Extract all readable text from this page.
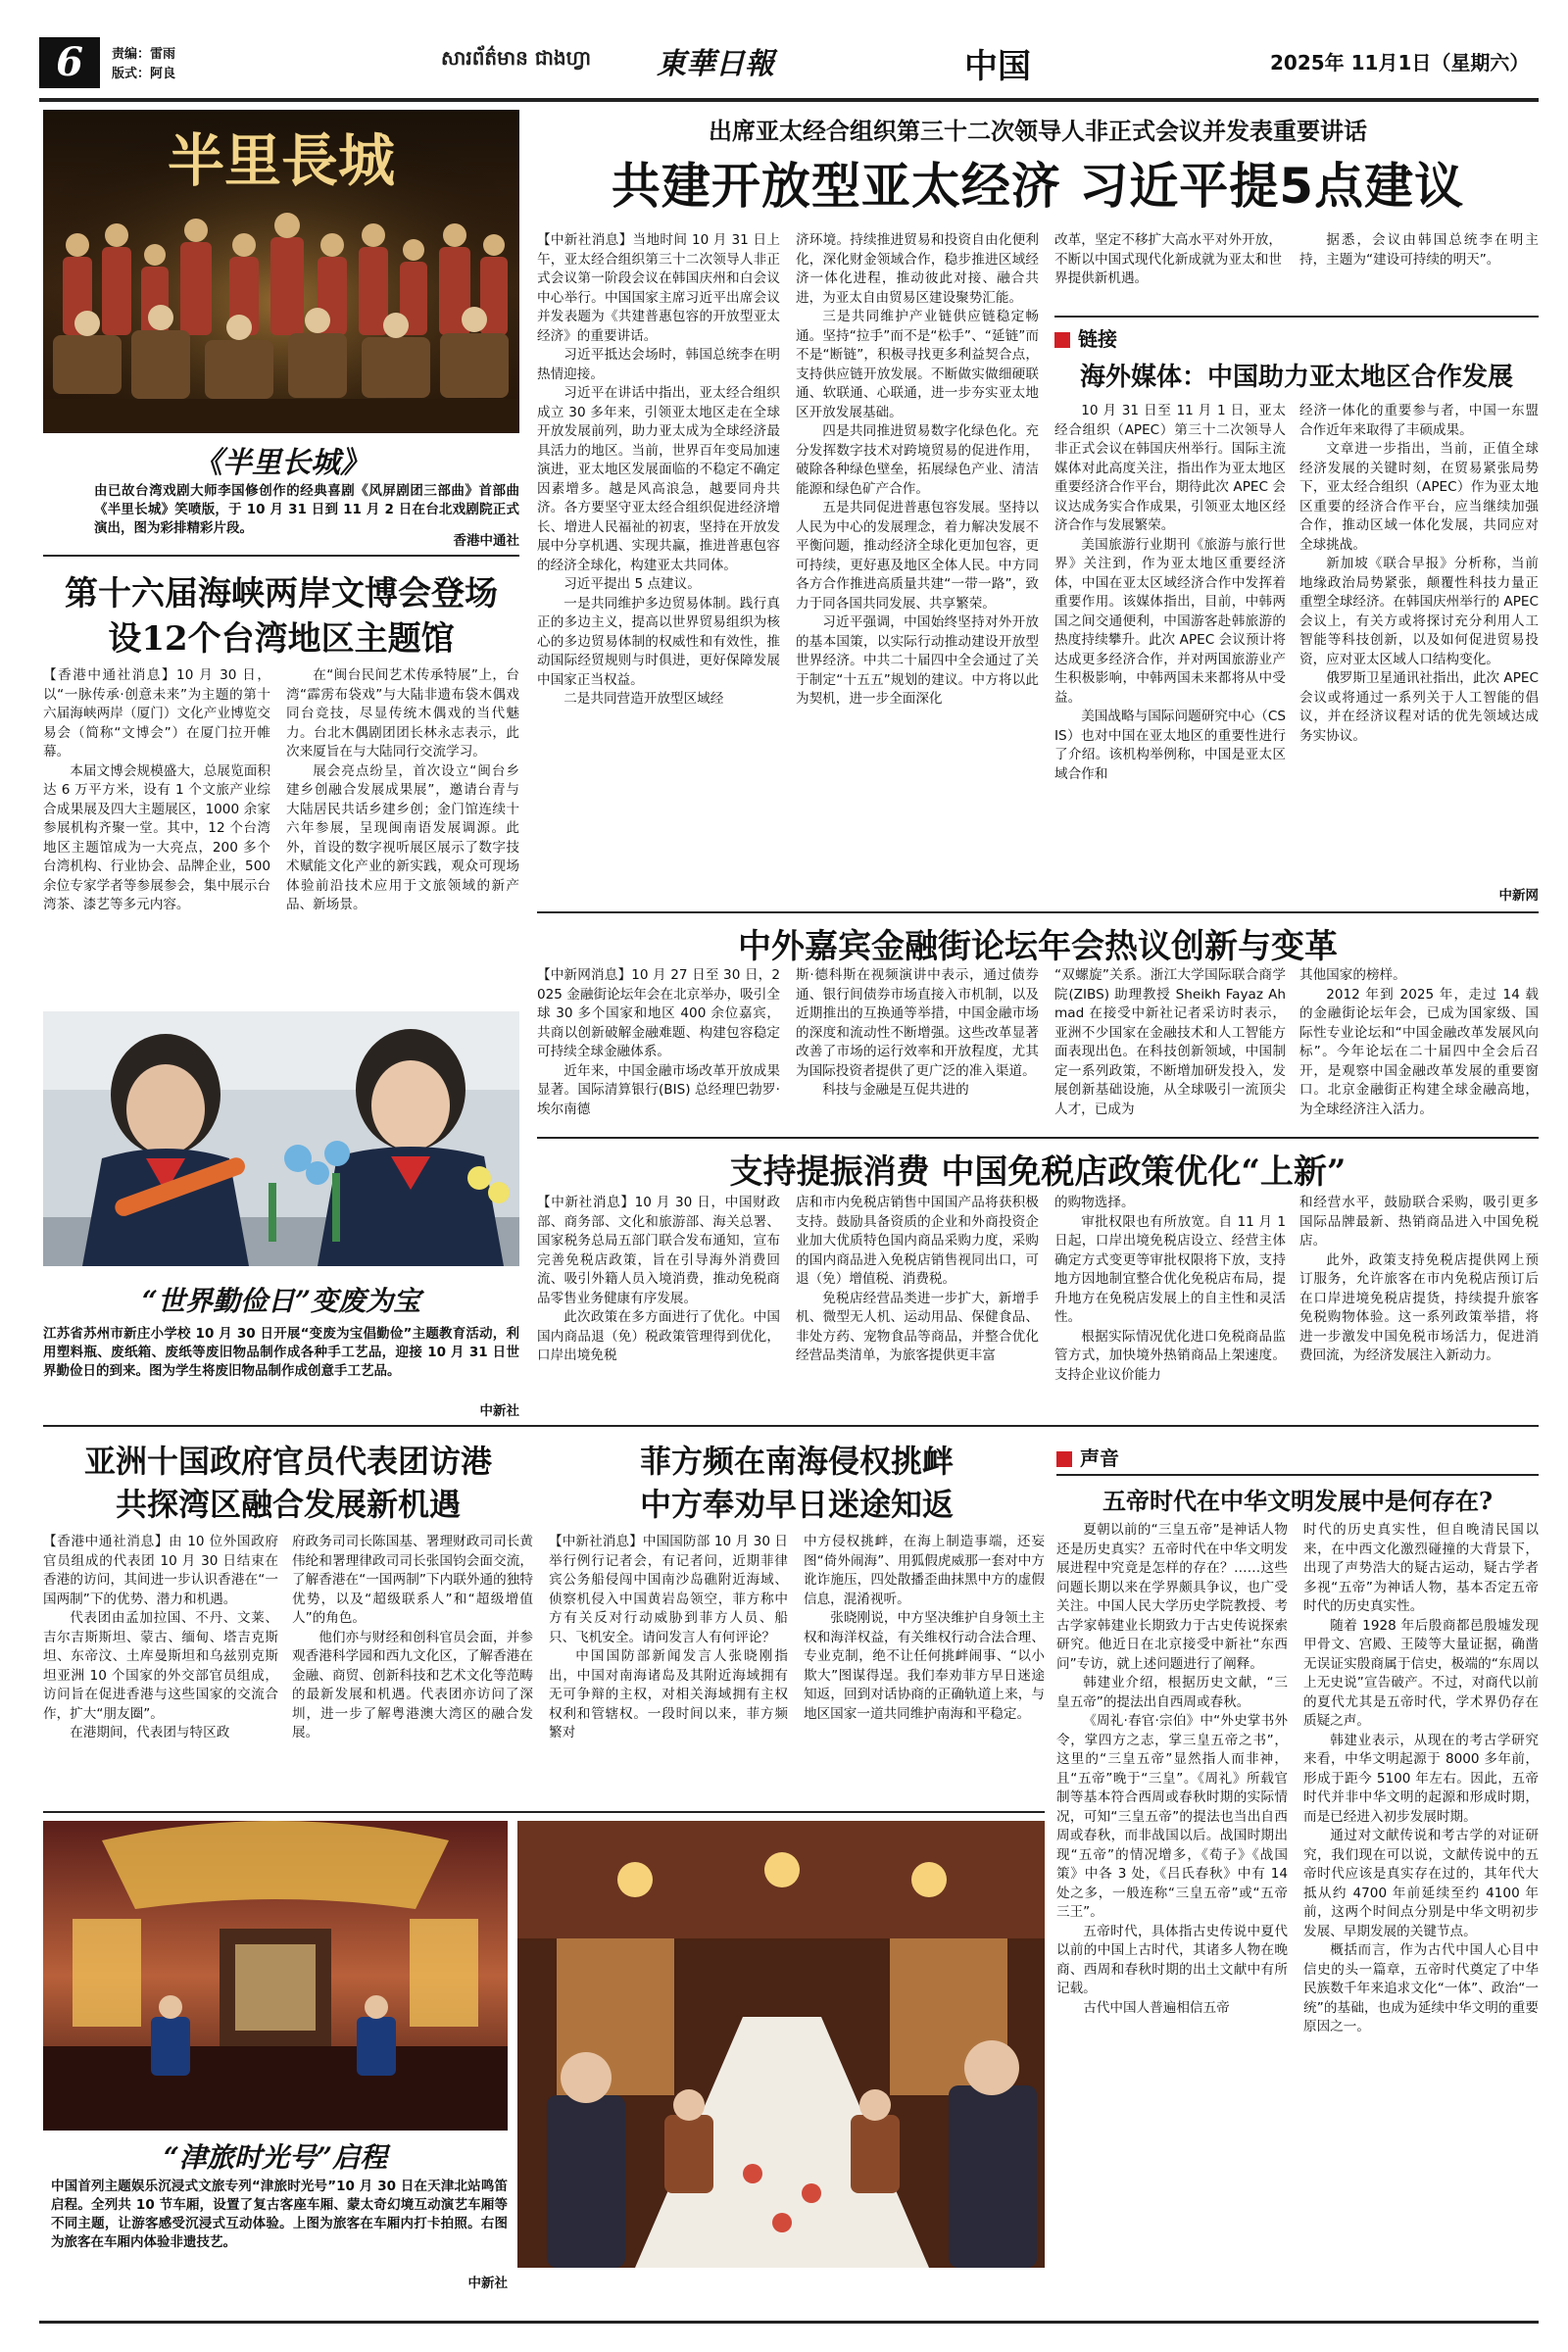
6	责编：雷雨
版式：阿良
សារព័ត៌មាន ជាងហ្វា 東華日報	中国	2025年 11月1日（星期六）
半里長城
《半里长城》
由已故台湾戏剧大师李国修创作的经典喜剧《风屏剧团三部曲》首部曲《半里长城》笑喷版，于 10 月 31 日到 11 月 2 日在台北戏剧院正式演出，图为彩排精彩片段。
香港中通社
第十六届海峡两岸文博会登场
设12个台湾地区主题馆

【香港中通社消息】10 月 30 日，以“一脉传承·创意未来”为主题的第十六届海峡两岸（厦门）文化产业博览交易会（简称“文博会”）在厦门拉开帷幕。

本届文博会规模盛大，总展览面积达 6 万平方米，设有 1 个文旅产业综合成果展及四大主题展区，1000 余家参展机构齐聚一堂。其中，12 个台湾地区主题馆成为一大亮点，200 多个台湾机构、行业协会、品牌企业，500 余位专家学者等参展参会，集中展示台湾茶、漆艺等多元内容。

在“闽台民间艺术传承特展”上，台湾“霹雳布袋戏”与大陆非遗布袋木偶戏同台竞技，尽显传统木偶戏的当代魅力。台北木偶剧团团长林永志表示，此次来厦旨在与大陆同行交流学习。

展会亮点纷呈，首次设立“闽台乡建乡创融合发展成果展”，邀请台青与大陆居民共话乡建乡创；金门馆连续十六年参展，呈现闽南语发展调源。此外，首设的数字视听展区展示了数字技术赋能文化产业的新实践，观众可现场体验前沿技术应用于文旅领域的新产品、新场景。

“世界勤俭日”变废为宝
江苏省苏州市新庄小学校 10 月 30 日开展“变废为宝倡勤俭”主题教育活动，利用塑料瓶、废纸箱、废纸等废旧物品制作成各种手工艺品，迎接 10 月 31 日世界勤俭日的到来。图为学生将废旧物品制作成创意手工艺品。
中新社
出席亚太经合组织第三十二次领导人非正式会议并发表重要讲话
共建开放型亚太经济 习近平提5点建议

【中新社消息】当地时间 10 月 31 日上午，亚太经合组织第三十二次领导人非正式会议第一阶段会议在韩国庆州和白会议中心举行。中国国家主席习近平出席会议并发表题为《共建普惠包容的开放型亚太经济》的重要讲话。

习近平抵达会场时，韩国总统李在明热情迎接。

习近平在讲话中指出，亚太经合组织成立 30 多年来，引领亚太地区走在全球开放发展前列，助力亚太成为全球经济最具活力的地区。当前，世界百年变局加速演进，亚太地区发展面临的不稳定不确定因素增多。越是风高浪急，越要同舟共济。各方要坚守亚太经合组织促进经济增长、增进人民福祉的初衷，坚持在开放发展中分享机遇、实现共赢，推进普惠包容的经济全球化，构建亚太共同体。

习近平提出 5 点建议。

一是共同维护多边贸易体制。践行真正的多边主义，提高以世界贸易组织为核心的多边贸易体制的权威性和有效性，推动国际经贸规则与时俱进，更好保障发展中国家正当权益。

二是共同营造开放型区域经

济环境。持续推进贸易和投资自由化便利化，深化财金领域合作，稳步推进区域经济一体化进程，推动彼此对接、融合共进，为亚太自由贸易区建设聚势汇能。

三是共同维护产业链供应链稳定畅通。坚持“拉手”而不是“松手”、“延链”而不是“断链”，积极寻找更多利益契合点，支持供应链开放发展。不断做实做细硬联通、软联通、心联通，进一步夯实亚太地区开放发展基础。

四是共同推进贸易数字化绿色化。充分发挥数字技术对跨境贸易的促进作用，破除各种绿色壁垒，拓展绿色产业、清洁能源和绿色矿产合作。

五是共同促进普惠包容发展。坚持以人民为中心的发展理念，着力解决发展不平衡问题，推动经济全球化更加包容，更可持续，更好惠及地区全体人民。中方同各方合作推进高质量共建“一带一路”，致力于同各国共同发展、共享繁荣。

习近平强调，中国始终坚持对外开放的基本国策，以实际行动推动建设开放型世界经济。中共二十届四中全会通过了关于制定“十五五”规划的建议。中方将以此为契机，进一步全面深化

改革，坚定不移扩大高水平对外开放，不断以中国式现代化新成就为亚太和世界提供新机遇。

据悉，会议由韩国总统李在明主持，主题为“建设可持续的明天”。

链接
海外媒体：中国助力亚太地区合作发展

10 月 31 日至 11 月 1 日，亚太经合组织（APEC）第三十二次领导人非正式会议在韩国庆州举行。国际主流媒体对此高度关注，指出作为亚太地区重要经济合作平台，期待此次 APEC 会议达成务实合作成果，引领亚太地区经济合作与发展繁荣。

美国旅游行业期刊《旅游与旅行世界》关注到，作为亚太地区重要经济体，中国在亚太区域经济合作中发挥着重要作用。该媒体指出，目前，中韩两国之间交通便利，中国游客赴韩旅游的热度持续攀升。此次 APEC 会议预计将达成更多经济合作，并对两国旅游业产生积极影响，中韩两国未来都将从中受益。

美国战略与国际问题研究中心（CSIS）也对中国在亚太地区的重要性进行了介绍。该机构举例称，中国是亚太区域合作和

经济一体化的重要参与者，中国一东盟合作近年来取得了丰硕成果。

文章进一步指出，当前，正值全球经济发展的关键时刻，在贸易紧张局势下，亚太经合组织（APEC）作为亚太地区重要的经济合作平台，应当继续加强合作，推动区域一体化发展，共同应对全球挑战。

新加坡《联合早报》分析称，当前地缘政治局势紧张，颠覆性科技力量正重塑全球经济。在韩国庆州举行的 APEC 会议上，有关方或将探讨充分利用人工智能等科技创新，以及如何促进贸易投资，应对亚太区域人口结构变化。

俄罗斯卫星通讯社指出，此次 APEC 会议或将通过一系列关于人工智能的倡议，并在经济议程对话的优先领域达成务实协议。

中新网
中外嘉宾金融街论坛年会热议创新与变革

【中新网消息】10 月 27 日至 30 日，2025 金融街论坛年会在北京举办，吸引全球 30 多个国家和地区 400 余位嘉宾，共商以创新破解金融难题、构建包容稳定可持续全球金融体系。

近年来，中国金融市场改革开放成果显著。国际清算银行(BIS) 总经理巴勃罗·埃尔南德

斯·德科斯在视频演讲中表示，通过债券通、银行间债券市场直接入市机制，以及近期推出的互换通等举措，中国金融市场的深度和流动性不断增强。这些改革显著改善了市场的运行效率和开放程度，尤其为国际投资者提供了更广泛的准入渠道。

科技与金融是互促共进的

“双螺旋”关系。浙江大学国际联合商学院(ZIBS) 助理教授 Sheikh Fayaz Ahmad 在接受中新社记者采访时表示，亚洲不少国家在金融技术和人工智能方面表现出色。在科技创新领域，中国制定一系列政策，不断增加研发投入，发展创新基础设施，从全球吸引一流顶尖人才，已成为

其他国家的榜样。

2012 年到 2025 年，走过 14 载的金融街论坛年会，已成为国家级、国际性专业论坛和“中国金融改革发展风向标”。今年论坛在二十届四中全会后召开，是观察中国金融改革发展的重要窗口。北京金融街正构建全球金融高地，为全球经济注入活力。

支持提振消费 中国免税店政策优化“上新”

【中新社消息】10 月 30 日，中国财政部、商务部、文化和旅游部、海关总署、国家税务总局五部门联合发布通知，宣布完善免税店政策，旨在引导海外消费回流、吸引外籍人员入境消费，推动免税商品零售业务健康有序发展。

此次政策在多方面进行了优化。中国国内商品退（免）税政策管理得到优化，口岸出境免税

店和市内免税店销售中国国产品将获积极支持。鼓励具备资质的企业和外商投资企业加大优质特色国内商品采购力度，采购的国内商品进入免税店销售视同出口，可退（免）增值税、消费税。

免税店经营品类进一步扩大，新增手机、微型无人机、运动用品、保健食品、非处方药、宠物食品等商品，并整合优化经营品类清单，为旅客提供更丰富

的购物选择。

审批权限也有所放宽。自 11 月 1 日起，口岸出境免税店设立、经营主体确定方式变更等审批权限将下放，支持地方因地制宜整合优化免税店布局，提升地方在免税店发展上的自主性和灵活性。

根据实际情况优化进口免税商品监管方式，加快境外热销商品上架速度。支持企业议价能力

和经营水平，鼓励联合采购，吸引更多国际品牌最新、热销商品进入中国免税店。

此外，政策支持免税店提供网上预订服务，允许旅客在市内免税店预订后在口岸进境免税店提货，持续提升旅客免税购物体验。这一系列政策举措，将进一步激发中国免税市场活力，促进消费回流，为经济发展注入新动力。

亚洲十国政府官员代表团访港
共探湾区融合发展新机遇

【香港中通社消息】由 10 位外国政府官员组成的代表团 10 月 30 日结束在香港的访问，其间进一步认识香港在“一国两制”下的优势、潜力和机遇。

代表团由孟加拉国、不丹、文莱、吉尔吉斯斯坦、蒙古、缅甸、塔吉克斯坦、东帝汶、土库曼斯坦和乌兹别克斯坦亚洲 10 个国家的外交部官员组成，访问旨在促进香港与这些国家的交流合作，扩大“朋友圈”。

在港期间，代表团与特区政

府政务司司长陈国基、署理财政司司长黄伟纶和署理律政司司长张国钧会面交流，了解香港在“一国两制”下内联外通的独特优势，以及“超级联系人”和“超级增值人”的角色。

他们亦与财经和创科官员会面，并参观香港科学园和西九文化区，了解香港在金融、商贸、创新科技和艺术文化等范畴的最新发展和机遇。代表团亦访问了深圳，进一步了解粤港澳大湾区的融合发展。

菲方频在南海侵权挑衅
中方奉劝早日迷途知返

【中新社消息】中国国防部 10 月 30 日举行例行记者会，有记者问，近期菲律宾公务船侵闯中国南沙岛礁附近海域、侦察机侵入中国黄岩岛领空，菲方称中方有关反对行动威胁到菲方人员、船只、飞机安全。请问发言人有何评论？

中国国防部新闻发言人张晓刚指出，中国对南海诸岛及其附近海域拥有无可争辩的主权，对相关海域拥有主权权利和管辖权。一段时间以来，菲方频繁对

中方侵权挑衅，在海上制造事端，还妄图“倚外闹海”、用狐假虎威那一套对中方讹诈施压，四处散播歪曲抹黑中方的虚假信息，混淆视听。

张晓刚说，中方坚决维护自身领土主权和海洋权益，有关维权行动合法合理、专业克制，绝不让任何挑衅闹事、“以小欺大”图谋得逞。我们奉劝菲方早日迷途知返，回到对话协商的正确轨道上来，与地区国家一道共同维护南海和平稳定。

声音
五帝时代在中华文明发展中是何存在?

夏朝以前的“三皇五帝”是神话人物还是历史真实？五帝时代在中华文明发展进程中究竟是怎样的存在？……这些问题长期以来在学界颇具争议，也广受关注。中国人民大学历史学院教授、考古学家韩建业长期致力于古史传说探索研究。他近日在北京接受中新社“东西问”专访，就上述问题进行了阐释。

韩建业介绍，根据历史文献，“三皇五帝”的提法出自西周或春秋。

《周礼·春官·宗伯》中“外史掌书外令，掌四方之志，掌三皇五帝之书”，这里的“三皇五帝”显然指人而非神，且“五帝”晚于“三皇”。《周礼》所载官制等基本符合西周或春秋时期的实际情况，可知“三皇五帝”的提法也当出自西周或春秋，而非战国以后。战国时期出现“五帝”的情况增多，《荀子》《战国策》中各 3 处，《吕氏春秋》中有 14 处之多，一般连称“三皇五帝”或“五帝三王”。

五帝时代，具体指古史传说中夏代以前的中国上古时代，其诸多人物在晚商、西周和春秋时期的出土文献中有所记载。

古代中国人普遍相信五帝

时代的历史真实性，但自晚清民国以来，在中西文化激烈碰撞的大背景下，出现了声势浩大的疑古运动，疑古学者多视“五帝”为神话人物，基本否定五帝时代的历史真实性。

随着 1928 年后殷商都邑殷墟发现甲骨文、宫殿、王陵等大量证据，确凿无误证实殷商属于信史，极端的“东周以上无史说”宣告破产。不过，对商代以前的夏代尤其是五帝时代，学术界仍存在质疑之声。

韩建业表示，从现在的考古学研究来看，中华文明起源于 8000 多年前，形成于距今 5100 年左右。因此，五帝时代并非中华文明的起源和形成时期，而是已经进入初步发展时期。

通过对文献传说和考古学的对证研究，我们现在可以说，文献传说中的五帝时代应该是真实存在过的，其年代大抵从约 4700 年前延续至约 4100 年前，这两个时间点分别是中华文明初步发展、早期发展的关键节点。

概括而言，作为古代中国人心目中信史的头一篇章，五帝时代奠定了中华民族数千年来追求文化“一体”、政治“一统”的基础，也成为延续中华文明的重要原因之一。

“津旅时光号”启程
中国首列主题娱乐沉浸式文旅专列“津旅时光号”10 月 30 日在天津北站鸣笛启程。全列共 10 节车厢，设置了复古客座车厢、蒙太奇幻境互动演艺车厢等不同主题，让游客感受沉浸式互动体验。上图为旅客在车厢内打卡拍照。右图为旅客在车厢内体验非遗技艺。
中新社
